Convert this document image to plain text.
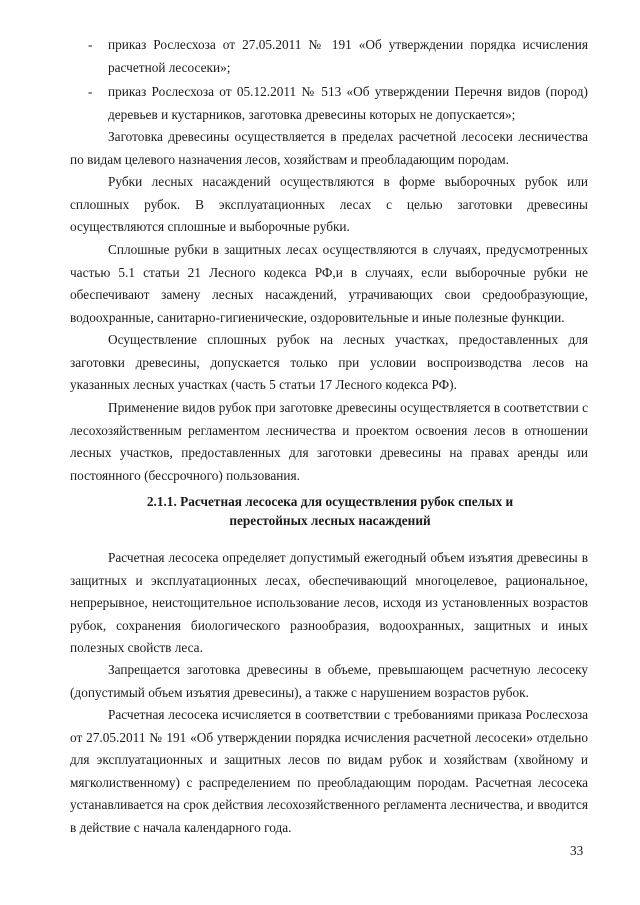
-	приказ Рослесхоза от 27.05.2011 № 191 «Об утверждении порядка исчисления расчетной лесосеки»;
-	приказ Рослесхоза от 05.12.2011 № 513 «Об утверждении Перечня видов (пород) деревьев и кустарников, заготовка древесины которых не допускается»;

Заготовка древесины осуществляется в пределах расчетной лесосеки лесничества по видам целевого назначения лесов, хозяйствам и преобладающим породам.

Рубки лесных насаждений осуществляются в форме выборочных рубок или сплошных рубок. В эксплуатационных лесах с целью заготовки древесины осуществляются сплошные и выборочные рубки.

Сплошные рубки в защитных лесах осуществляются в случаях, предусмотренных частью 5.1 статьи 21 Лесного кодекса РФ,и в случаях, если выборочные рубки не обеспечивают замену лесных насаждений, утрачивающих свои средообразующие, водоохранные, санитарно-гигиенические, оздоровительные и иные полезные функции.

Осуществление сплошных рубок на лесных участках, предоставленных для заготовки древесины, допускается только при условии воспроизводства лесов на указанных лесных участках (часть 5 статьи 17 Лесного кодекса РФ).

Применение видов рубок при заготовке древесины осуществляется в соответствии с лесохозяйственным регламентом лесничества и проектом освоения лесов в отношении лесных участков, предоставленных для заготовки древесины на правах аренды или постоянного (бессрочного) пользования.

2.1.1. Расчетная лесосека для осуществления рубок спелых и перестойных лесных насаждений

Расчетная лесосека определяет допустимый ежегодный объем изъятия древесины в защитных и эксплуатационных лесах, обеспечивающий многоцелевое, рациональное, непрерывное, неистощительное использование лесов, исходя из установленных возрастов рубок, сохранения биологического разнообразия, водоохранных, защитных и иных полезных свойств леса.

Запрещается заготовка древесины в объеме, превышающем расчетную лесосеку (допустимый объем изъятия древесины), а также с нарушением возрастов рубок.

Расчетная лесосека исчисляется в соответствии с требованиями приказа Рослесхоза от 27.05.2011 № 191 «Об утверждении порядка исчисления расчетной лесосеки» отдельно для эксплуатационных и защитных лесов по видам рубок и хозяйствам (хвойному и мягколиственному) с распределением по преобладающим породам. Расчетная лесосека устанавливается на срок действия лесохозяйственного регламента лесничества, и вводится в действие с начала календарного года.

33
